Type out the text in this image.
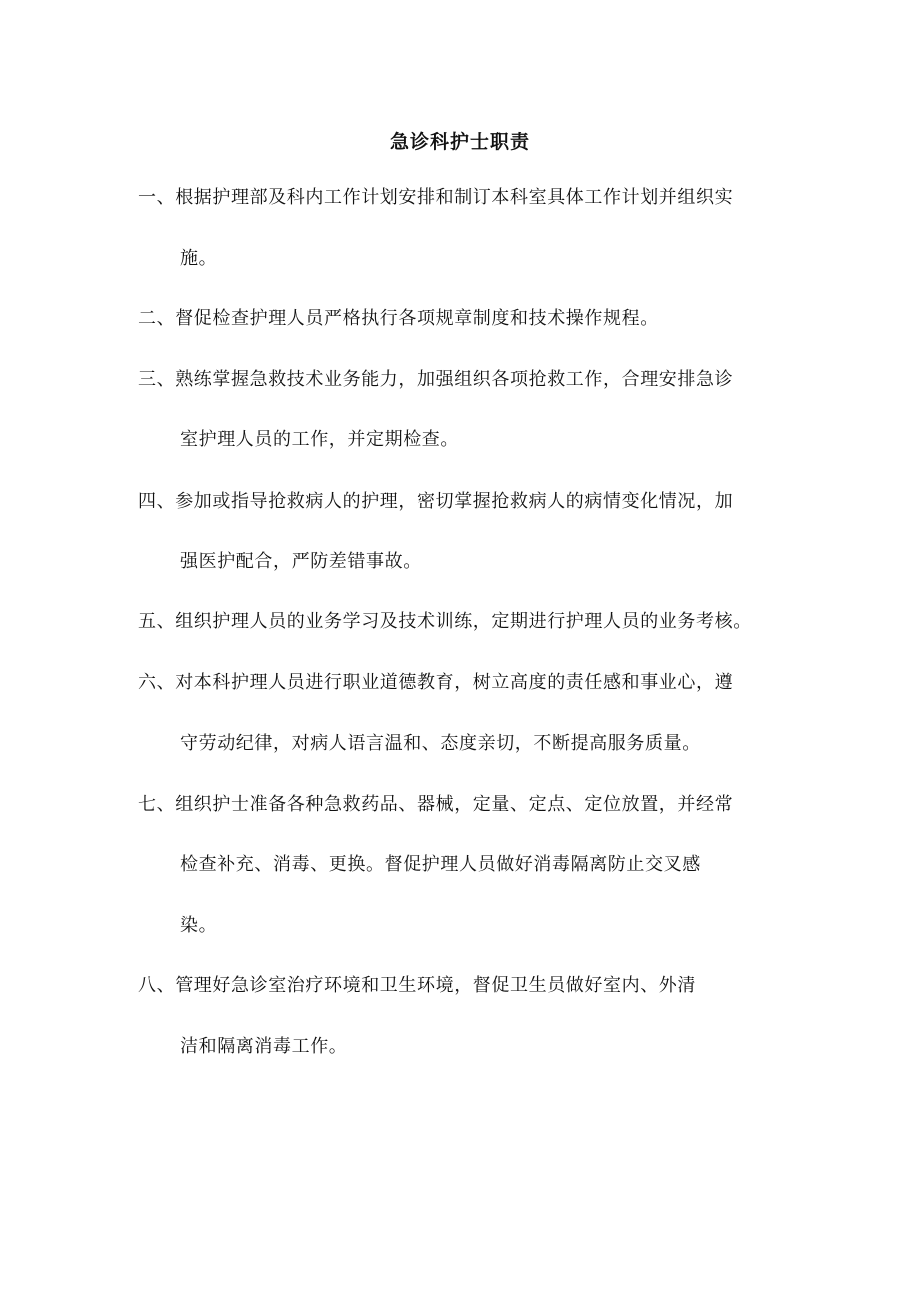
急诊科护士职责
一、根据护理部及科内工作计划安排和制订本科室具体工作计划并组织实
施。
二、督促检查护理人员严格执行各项规章制度和技术操作规程。
三、熟练掌握急救技术业务能力，加强组织各项抢救工作，合理安排急诊
室护理人员的工作，并定期检查。
四、参加或指导抢救病人的护理，密切掌握抢救病人的病情变化情况，加
强医护配合，严防差错事故。
五、组织护理人员的业务学习及技术训练，定期进行护理人员的业务考核。
六、对本科护理人员进行职业道德教育，树立高度的责任感和事业心，遵
守劳动纪律，对病人语言温和、态度亲切，不断提高服务质量。
七、组织护士准备各种急救药品、器械，定量、定点、定位放置，并经常
检查补充、消毒、更换。督促护理人员做好消毒隔离防止交叉感
染。
八、管理好急诊室治疗环境和卫生环境，督促卫生员做好室内、外清
洁和隔离消毒工作。
